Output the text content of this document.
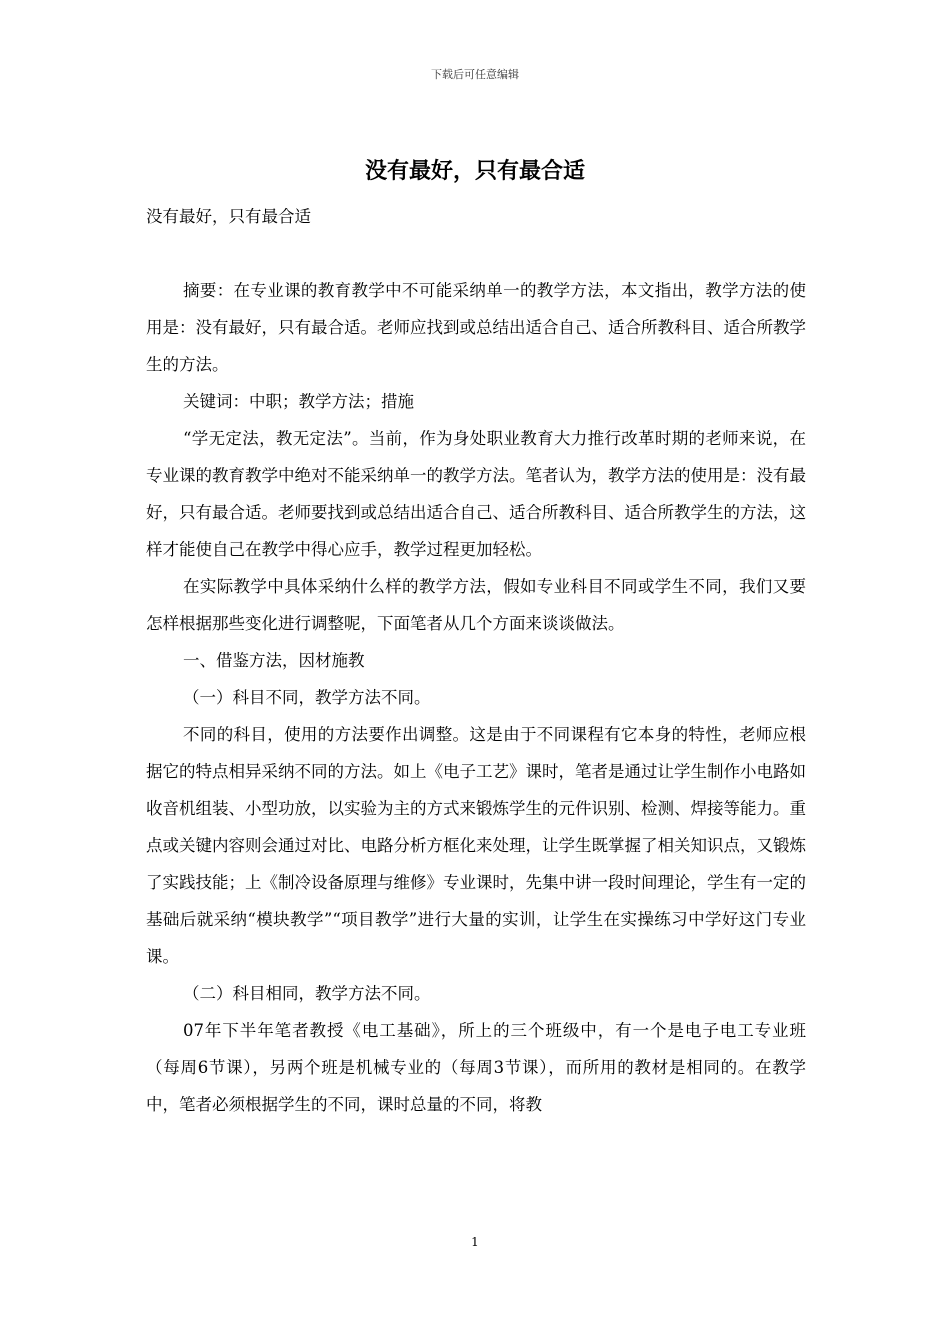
下载后可任意编辑
没有最好，只有最合适

没有最好，只有最合适

摘要：在专业课的教育教学中不可能采纳单一的教学方法，本文指出，教学方法的使用是：没有最好，只有最合适。老师应找到或总结出适合自己、适合所教科目、适合所教学生的方法。

关键词：中职；教学方法；措施

“学无定法，教无定法”。当前，作为身处职业教育大力推行改革时期的老师来说，在专业课的教育教学中绝对不能采纳单一的教学方法。笔者认为，教学方法的使用是：没有最好，只有最合适。老师要找到或总结出适合自己、适合所教科目、适合所教学生的方法，这样才能使自己在教学中得心应手，教学过程更加轻松。

在实际教学中具体采纳什么样的教学方法，假如专业科目不同或学生不同，我们又要怎样根据那些变化进行调整呢，下面笔者从几个方面来谈谈做法。

一、借鉴方法，因材施教

（一）科目不同，教学方法不同。

不同的科目，使用的方法要作出调整。这是由于不同课程有它本身的特性，老师应根据它的特点相异采纳不同的方法。如上《电子工艺》课时，笔者是通过让学生制作小电路如收音机组装、小型功放，以实验为主的方式来锻炼学生的元件识别、检测、焊接等能力。重点或关键内容则会通过对比、电路分析方框化来处理，让学生既掌握了相关知识点，又锻炼了实践技能；上《制冷设备原理与维修》专业课时，先集中讲一段时间理论，学生有一定的基础后就采纳“模块教学”“项目教学”进行大量的实训，让学生在实操练习中学好这门专业课。

（二）科目相同，教学方法不同。

07年下半年笔者教授《电工基础》，所上的三个班级中，有一个是电子电工专业班（每周6节课），另两个班是机械专业的（每周3节课），而所用的教材是相同的。在教学中，笔者必须根据学生的不同，课时总量的不同，将教

1
